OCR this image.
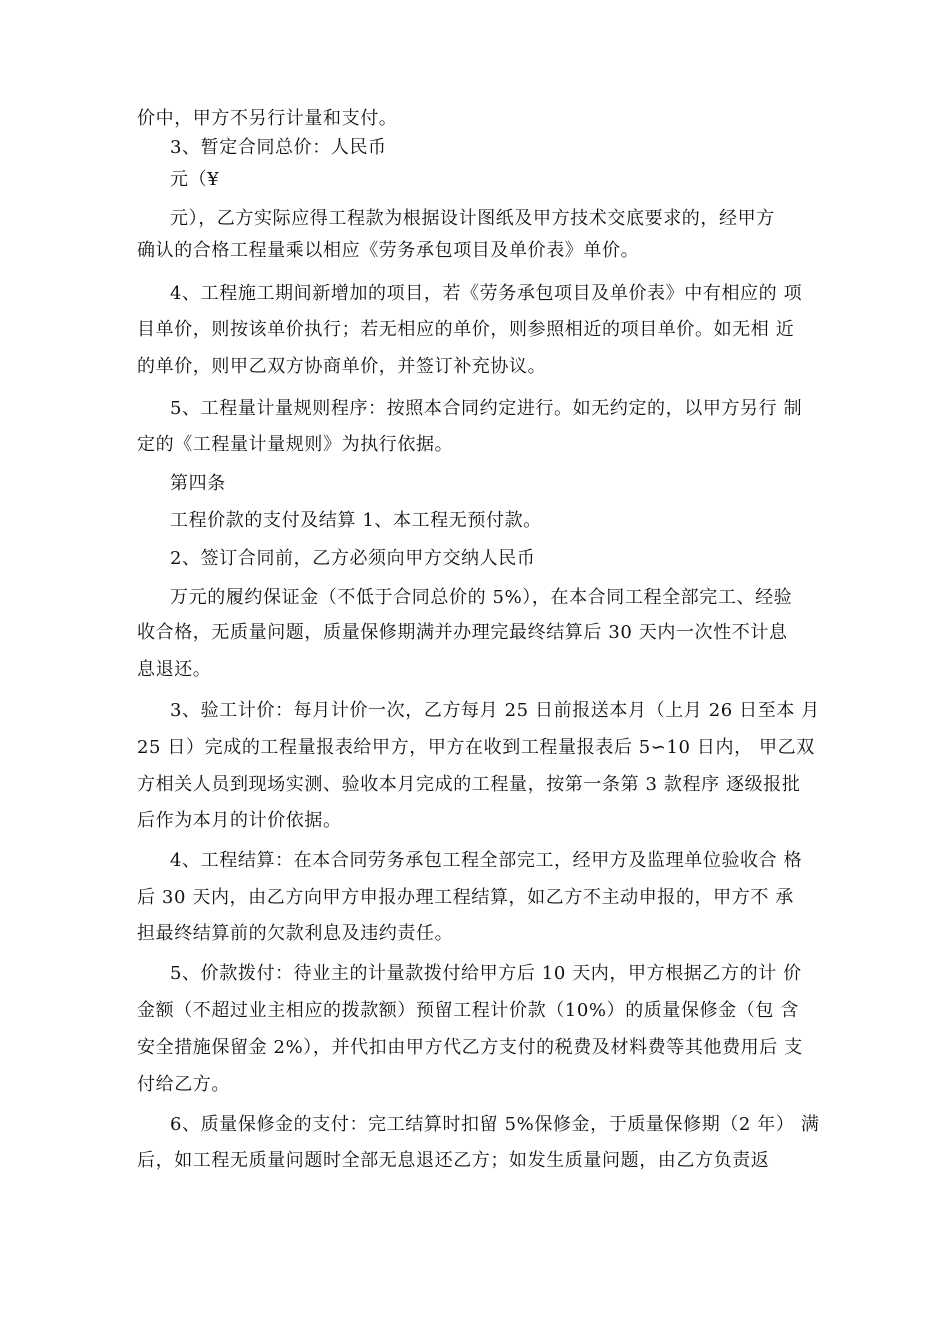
价中，甲方不另行计量和支付。
3、暂定合同总价：人民币
元（¥
元），乙方实际应得工程款为根据设计图纸及甲方技术交底要求的，经甲方
确认的合格工程量乘以相应《劳务承包项目及单价表》单价。
4、工程施工期间新增加的项目，若《劳务承包项目及单价表》中有相应的 项
目单价，则按该单价执行；若无相应的单价，则参照相近的项目单价。如无相 近
的单价，则甲乙双方协商单价，并签订补充协议。
5、工程量计量规则程序：按照本合同约定进行。如无约定的，以甲方另行 制
定的《工程量计量规则》为执行依据。
第四条
工程价款的支付及结算 1、本工程无预付款。
2、签订合同前，乙方必须向甲方交纳人民币
万元的履约保证金（不低于合同总价的 5%），在本合同工程全部完工、经验
收合格，无质量问题，质量保修期满并办理完最终结算后 30 天内一次性不计息
息退还。
3、验工计价：每月计价一次，乙方每月 25 日前报送本月（上月 26 日至本 月
25 日）完成的工程量报表给甲方，甲方在收到工程量报表后 5∽10 日内， 甲乙双
方相关人员到现场实测、验收本月完成的工程量，按第一条第 3 款程序 逐级报批
后作为本月的计价依据。
4、工程结算：在本合同劳务承包工程全部完工，经甲方及监理单位验收合 格
后 30 天内，由乙方向甲方申报办理工程结算，如乙方不主动申报的，甲方不 承
担最终结算前的欠款利息及违约责任。
5、价款拨付：待业主的计量款拨付给甲方后 10 天内，甲方根据乙方的计 价
金额（不超过业主相应的拨款额）预留工程计价款（10%）的质量保修金（包 含
安全措施保留金 2%），并代扣由甲方代乙方支付的税费及材料费等其他费用后 支
付给乙方。
6、质量保修金的支付：完工结算时扣留 5%保修金，于质量保修期（2 年） 满
后，如工程无质量问题时全部无息退还乙方；如发生质量问题，由乙方负责返
